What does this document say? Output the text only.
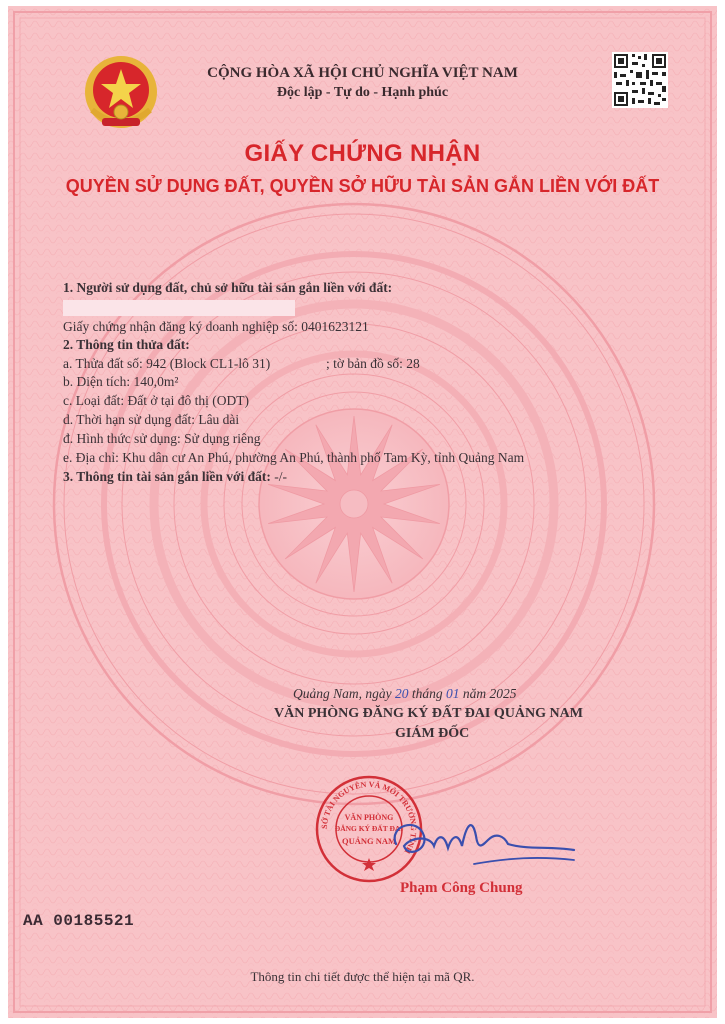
CỘNG HÒA XÃ HỘI CHỦ NGHĨA VIỆT NAM
Độc lập - Tự do - Hạnh phúc
GIẤY CHỨNG NHẬN
QUYỀN SỬ DỤNG ĐẤT, QUYỀN SỞ HỮU TÀI SẢN GẮN LIỀN VỚI ĐẤT
1. Người sử dụng đất, chủ sở hữu tài sản gắn liền với đất:
Giấy chứng nhận đăng ký doanh nghiệp số: 0401623121
2. Thông tin thửa đất:
a. Thửa đất số: 942 (Block CL1-lô 31)	; tờ bản đồ số: 28
b. Diện tích: 140,0m²
c. Loại đất: Đất ở tại đô thị (ODT)
d. Thời hạn sử dụng đất: Lâu dài
đ. Hình thức sử dụng: Sử dụng riêng
e. Địa chỉ: Khu dân cư An Phú, phường An Phú, thành phố Tam Kỳ, tỉnh Quảng Nam
3. Thông tin tài sản gắn liền với đất: -/-
Quảng Nam, ngày 20 tháng 01 năm 2025
VĂN PHÒNG ĐĂNG KÝ ĐẤT ĐAI QUẢNG NAM
GIÁM ĐỐC
SỞ TÀI NGUYÊN VÀ MÔI TRƯỜNG TỈNH
VĂN PHÒNG
ĐĂNG KÝ ĐẤT ĐAI
QUẢNG NAM
Phạm Công Chung
AA 00185521
Thông tin chi tiết được thể hiện tại mã QR.
